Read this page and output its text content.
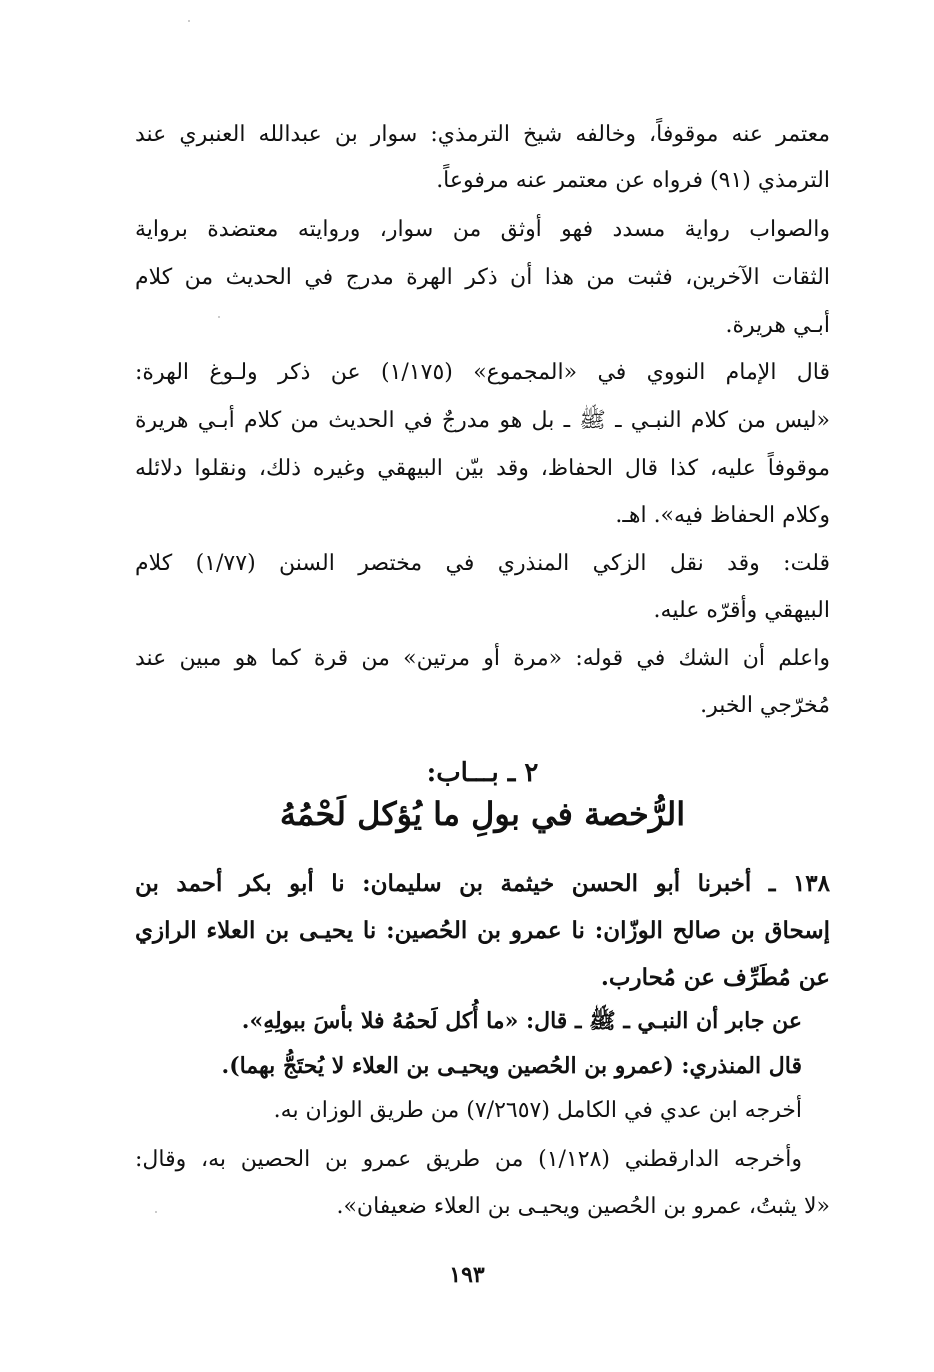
معتمر عنه موقوفاً، وخالفه شيخ الترمذي: سوار بن عبدالله العنبري عند
الترمذي (٩١) فرواه عن معتمر عنه مرفوعاً.
والصواب رواية مسدد فهو أوثق من سوار، وروايته معتضدة برواية
الثقات الآخرين، فثبت من هذا أن ذكر الهرة مدرج في الحديث من كلام
أبـي هريرة.
قال الإمام النووي في «المجموع» (١/١٧٥) عن ذكر ولـوغ الهرة:
«ليس من كلام النبـي ـ ﷺ ـ بل هو مدرجٌ في الحديث من كلام أبـي هريرة
موقوفاً عليه، كذا قال الحفاظ، وقد بيّن البيهقي وغيره ذلك، ونقلوا دلائله
وكلام الحفاظ فيه». اهـ.
قلت: وقد نقل الزكي المنذري في مختصر السنن (١/٧٧) كلام
البيهقي وأقرّه عليه.
واعلم أن الشك في قوله: «مرة أو مرتين» من قرة كما هو مبين عند
مُخرّجي الخبر.
٢ ـ بـــاب:
الرُّخصة في بولِ ما يُؤكل لَحْمُهُ
١٣٨ ـ أخبرنا أبو الحسن خيثمة بن سليمان: نا أبو بكر أحمد بن
إسحاق بن صالح الوزّان: نا عمرو بن الحُصين: نا يحيـى بن العلاء الرازي
عن مُطَرِّف عن مُحارب.
عن جابر أن النبـي ـ ﷺ ـ قال: «ما أُكل لَحمُهُ فلا بأسَ ببولِهِ».
قال المنذري: (عمرو بن الحُصين ويحيـى بن العلاء لا يُحتَجُّ بهما).
أخرجه ابن عدي في الكامل (٧/٢٦٥٧) من طريق الوزان به.
وأخرجه الدارقطني (١/١٢٨) من طريق عمرو بن الحصين به، وقال:
«لا يثبتُ، عمرو بن الحُصين ويحيـى بن العلاء ضعيفان».
١٩٣
